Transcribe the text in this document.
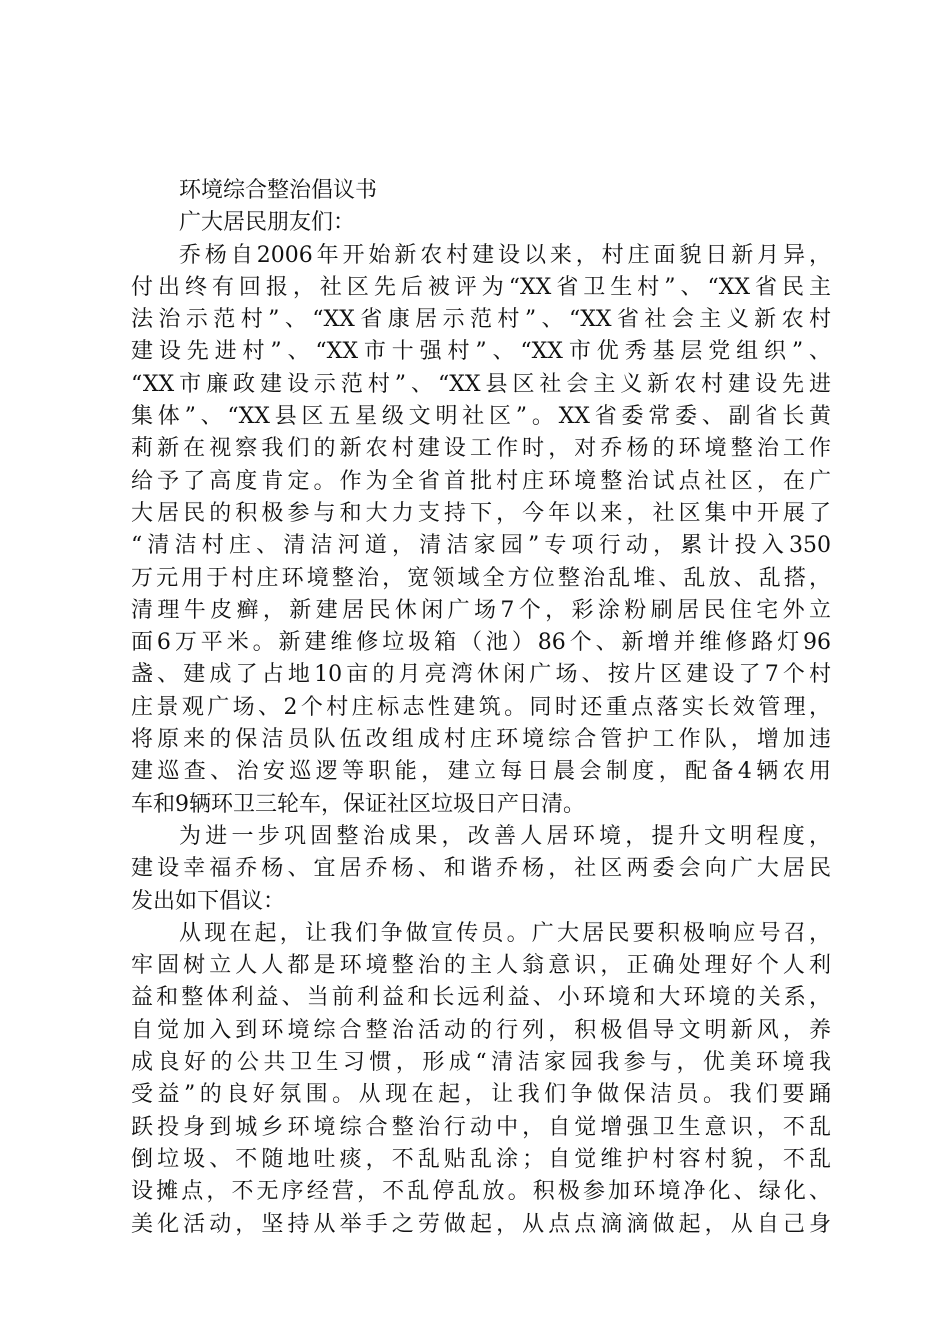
环境综合整治倡议书
广大居民朋友们：
乔杨自2006年开始新农村建设以来，村庄面貌日新月异，
付出终有回报，社区先后被评为“XX省卫生村”、“XX省民主
法治示范村”、“XX省康居示范村”、“XX省社会主义新农村
建设先进村”、“XX市十强村”、“XX市优秀基层党组织”、
“XX市廉政建设示范村”、“XX县区社会主义新农村建设先进
集体”、“XX县区五星级文明社区”。XX省委常委、副省长黄
莉新在视察我们的新农村建设工作时，对乔杨的环境整治工作
给予了高度肯定。作为全省首批村庄环境整治试点社区，在广
大居民的积极参与和大力支持下，今年以来，社区集中开展了
“清洁村庄、清洁河道，清洁家园”专项行动，累计投入350
万元用于村庄环境整治，宽领域全方位整治乱堆、乱放、乱搭，
清理牛皮癣，新建居民休闲广场7个，彩涂粉刷居民住宅外立
面6万平米。新建维修垃圾箱（池）86个、新增并维修路灯96
盏、建成了占地10亩的月亮湾休闲广场、按片区建设了7个村
庄景观广场、2个村庄标志性建筑。同时还重点落实长效管理，
将原来的保洁员队伍改组成村庄环境综合管护工作队，增加违
建巡查、治安巡逻等职能，建立每日晨会制度，配备4辆农用
车和9辆环卫三轮车，保证社区垃圾日产日清。
为进一步巩固整治成果，改善人居环境，提升文明程度，
建设幸福乔杨、宜居乔杨、和谐乔杨，社区两委会向广大居民
发出如下倡议：
从现在起，让我们争做宣传员。广大居民要积极响应号召，
牢固树立人人都是环境整治的主人翁意识，正确处理好个人利
益和整体利益、当前利益和长远利益、小环境和大环境的关系，
自觉加入到环境综合整治活动的行列，积极倡导文明新风，养
成良好的公共卫生习惯，形成“清洁家园我参与，优美环境我
受益”的良好氛围。从现在起，让我们争做保洁员。我们要踊
跃投身到城乡环境综合整治行动中，自觉增强卫生意识，不乱
倒垃圾、不随地吐痰，不乱贴乱涂；自觉维护村容村貌，不乱
设摊点，不无序经营，不乱停乱放。积极参加环境净化、绿化、
美化活动，坚持从举手之劳做起，从点点滴滴做起，从自己身
